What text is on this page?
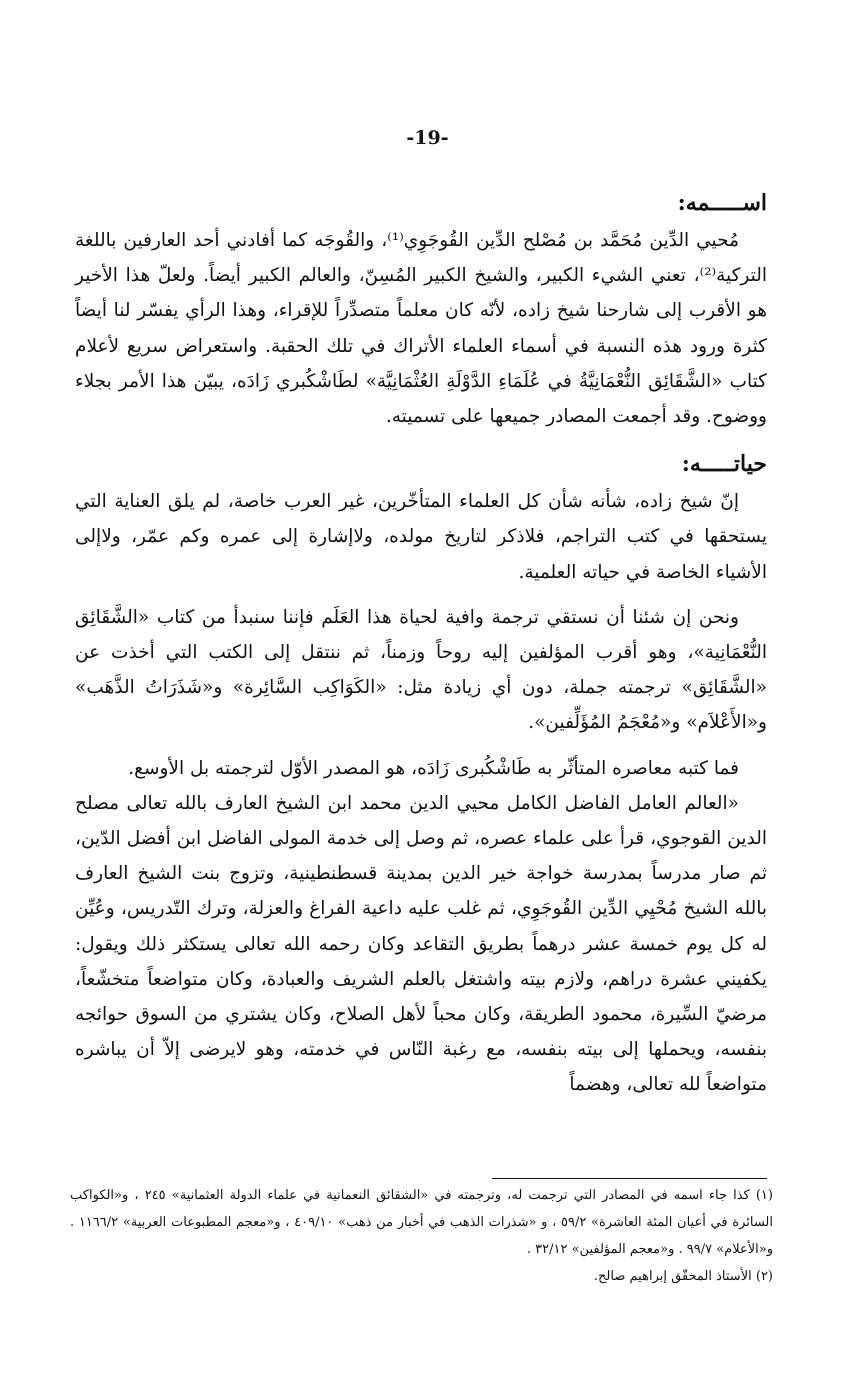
-19-
اســـــمه:

مُحيي الدِّين مُحَمَّد بن مُصْلح الدِّين القُوجَوِي⁽¹⁾، والقُوجَه كما أفادني أحد العارفين باللغة التركية⁽²⁾، تعني الشيء الكبير، والشيخ الكبير المُسِنّ، والعالم الكبير أيضاً. ولعلّ هذا الأخير هو الأقرب إلى شارحنا شيخ زاده، لأنّه كان معلماً متصدِّراً للإقراء، وهذا الرأي يفسّر لنا أيضاً كثرة ورود هذه النسبة في أسماء العلماء الأتراك في تلك الحقبة. واستعراض سريع لأعلام كتاب «الشَّقَائِق النُّعْمَانِيَّةُ في عُلَمَاءِ الدَّوْلَةِ العُثْمَانِيَّة» لطَاشْكُبري زَادَه، يبيّن هذا الأمر بجلاء ووضوح. وقد أجمعت المصادر جميعها على تسميته.

حياتـــــه:

إنّ شيخ زاده، شأنه شأن كل العلماء المتأخّرين، غير العرب خاصة، لم يلق العناية التي يستحقها في كتب التراجم، فلاذكر لتاريخ مولده، ولاإشارة إلى عمره وكم عمّر، ولاإلى الأشياء الخاصة في حياته العلمية.

ونحن إن شئنا أن نستقي ترجمة وافية لحياة هذا العَلَم فإننا سنبدأ من كتاب «الشَّقَائِق النُّعْمَانِية»، وهو أقرب المؤلفين إليه روحاً وزمناً، ثم ننتقل إلى الكتب التي أخذت عن «الشَّقَائِق» ترجمته جملة، دون أي زيادة مثل: «الكَوَاكِب السَّائِرة» و«شَذَرَاتُ الذَّهَب» و«الأَعْلاَم» و«مُعْجَمُ المُؤَلِّفين».

فما كتبه معاصره المتأثّر به طَاشْكُبرى زَادَه، هو المصدر الأوّل لترجمته بل الأوسع.

«العالم العامل الفاضل الكامل محيي الدين محمد ابن الشيخ العارف بالله تعالى مصلح الدين القوجوي، قرأ على علماء عصره، ثم وصل إلى خدمة المولى الفاضل ابن أفضل الدّين، ثم صار مدرساً بمدرسة خواجة خير الدين بمدينة قسطنطينية، وتزوج بنت الشيخ العارف بالله الشيخ مُحْيِي الدِّين القُوجَوِي، ثم غلب عليه داعية الفراغ والعزلة، وترك التّدريس، وعُيِّن له كل يوم خمسة عشر درهماً بطريق التقاعد وكان رحمه الله تعالى يستكثر ذلك ويقول: يكفيني عشرة دراهم، ولازم بيته واشتغل بالعلم الشريف والعبادة، وكان متواضعاً متخشّعاً، مرضيّ السِّيرة، محمود الطريقة، وكان محباً لأهل الصلاح، وكان يشتري من السوق حوائجه بنفسه، ويحملها إلى بيته بنفسه، مع رغبة النّاس في خدمته، وهو لايرضى إلاّ أن يباشره متواضعاً لله تعالى، وهضماً

(١) كذا جاء اسمه في المصادر التي ترجمت له، وترجمته في «الشقائق النعمانية في علماء الدولة العثمانية» ٢٤٥ ، و«الكواكب السائرة في أعيان المئة العاشرة» ٥٩/٢ ، و «شذرات الذهب في أخبار من ذهب» ٤٠٩/١٠ ، و«معجم المطبوعات العربية» ١١٦٦/٢ . و«الأعلام» ٩٩/٧ . و«معجم المؤلفين» ٣٢/١٢ .

(٢) الأستاذ المحقّق إبراهيم صالح.
